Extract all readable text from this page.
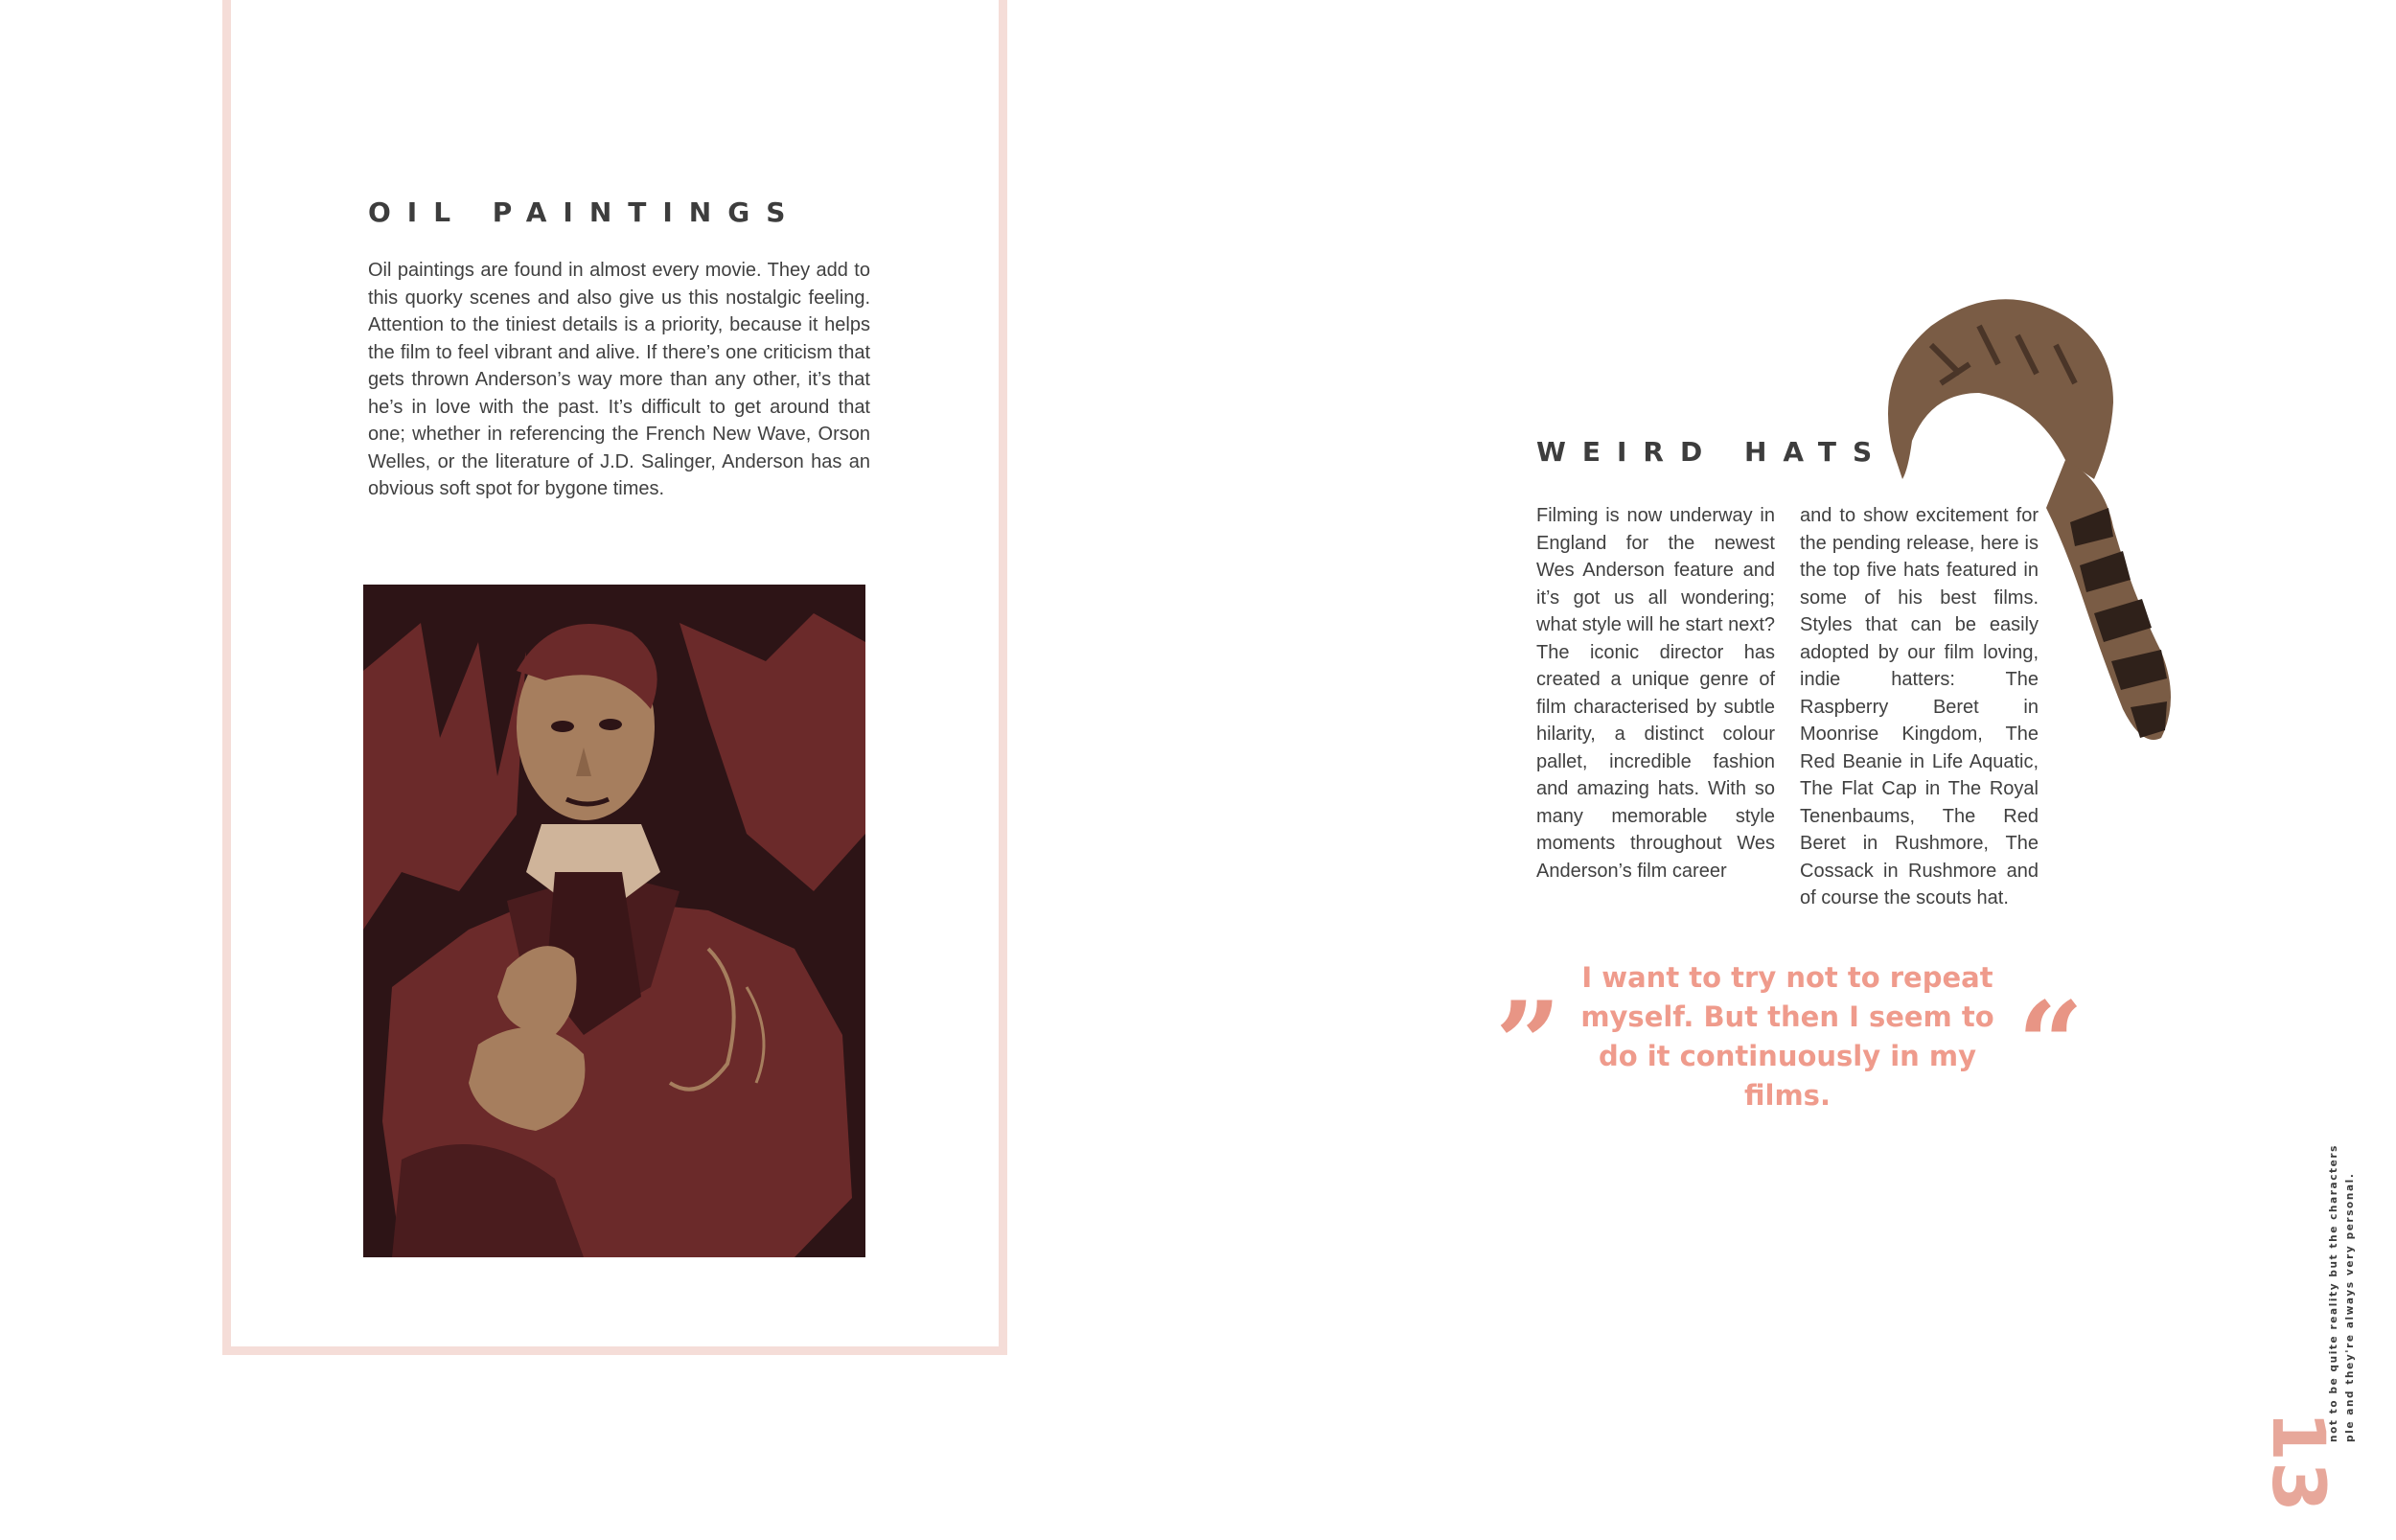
OIL PAINTINGS

Oil paintings are found in almost every movie. They add to this quorky scenes and also give us this nostalgic feeling. Attention to the tiniest details is a priority, because it helps the film to feel vibrant and alive. If there’s one criticism that gets thrown Anderson’s way more than any other, it’s that he’s in love with the past. It’s difficult to get around that one; whether in referencing the French New Wave, Orson Welles, or the literature of J.D. Salinger, Anderson has an obvious soft spot for bygone times.

WEIRD HATS

Filming is now underway in England for the newest Wes Anderson feature and it’s got us all wondering; what style will he start next? The iconic director has created a unique genre of film characterised by subtle hilarity, a distinct colour pallet, incredible fashion and amazing hats. With so many memorable style moments throughout Wes Anderson’s film career

and to show excitement for the pending release, here is the top five hats featured in some of his best films. Styles that can be easily adopted by our film loving, indie hatters: The Raspberry Beret in Moonrise Kingdom, The Red Beanie in Life Aquatic, The Flat Cap in The Royal Tenenbaums, The Red Beret in Rushmore, The Cossack in Rushmore and of course the scouts hat.

” I want to try not to repeat myself. But then I seem to do it continuously in my films.	“
13
not to be quite reality but the characters ple and they're always very personal.
